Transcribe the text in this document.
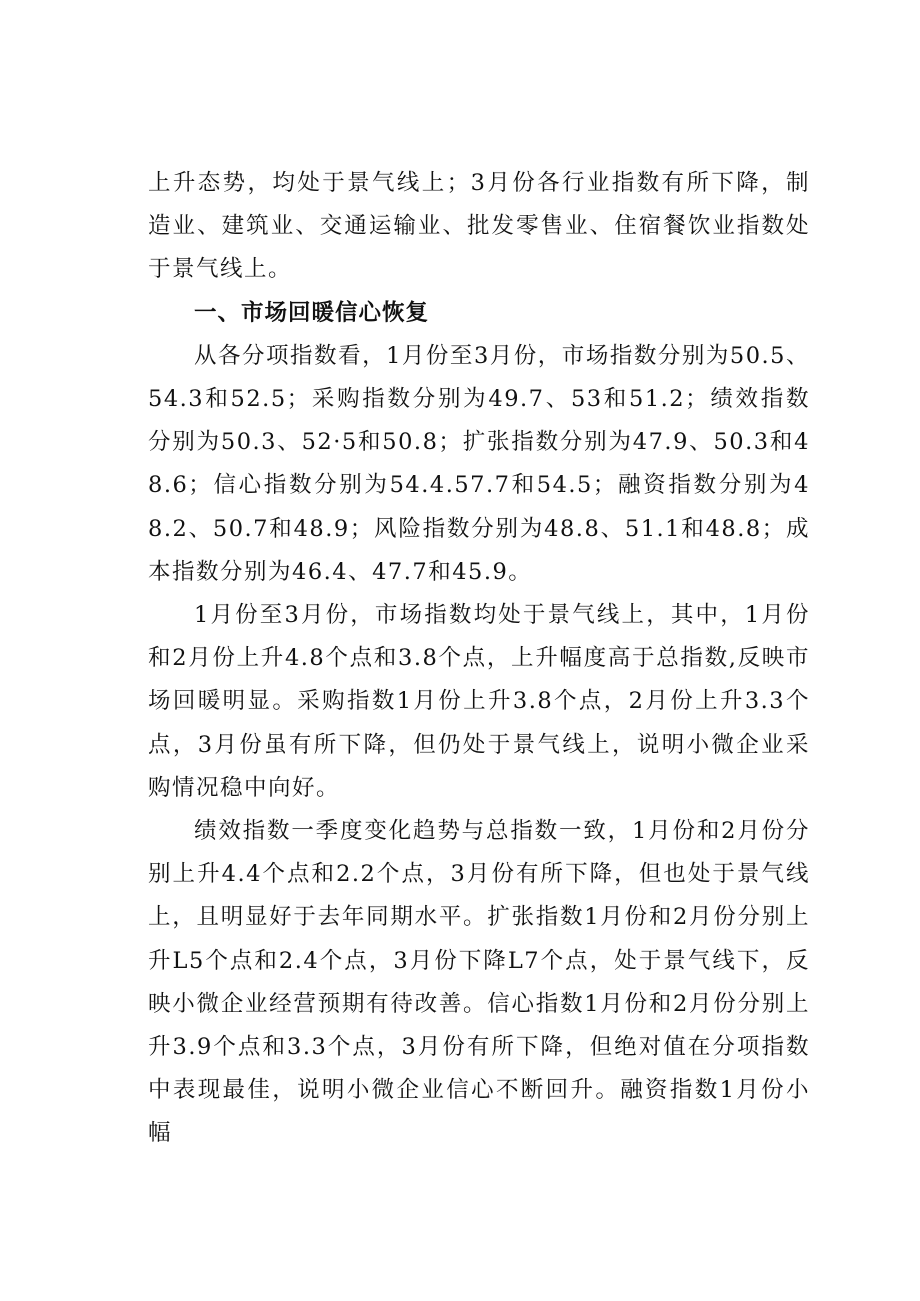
上升态势，均处于景气线上；3月份各行业指数有所下降，制造业、建筑业、交通运输业、批发零售业、住宿餐饮业指数处于景气线上。

一、市场回暖信心恢复

从各分项指数看，1月份至3月份，市场指数分别为50.5、54.3和52.5；采购指数分别为49.7、53和51.2；绩效指数分别为50.3、52·5和50.8；扩张指数分别为47.9、50.3和48.6；信心指数分别为54.4.57.7和54.5；融资指数分别为48.2、50.7和48.9；风险指数分别为48.8、51.1和48.8；成本指数分别为46.4、47.7和45.9。

1月份至3月份，市场指数均处于景气线上，其中，1月份和2月份上升4.8个点和3.8个点，上升幅度高于总指数,反映市场回暖明显。采购指数1月份上升3.8个点，2月份上升3.3个点，3月份虽有所下降，但仍处于景气线上，说明小微企业采购情况稳中向好。

绩效指数一季度变化趋势与总指数一致，1月份和2月份分别上升4.4个点和2.2个点，3月份有所下降，但也处于景气线上，且明显好于去年同期水平。扩张指数1月份和2月份分别上升L5个点和2.4个点，3月份下降L7个点，处于景气线下，反映小微企业经营预期有待改善。信心指数1月份和2月份分别上升3.9个点和3.3个点，3月份有所下降，但绝对值在分项指数中表现最佳，说明小微企业信心不断回升。融资指数1月份小幅
